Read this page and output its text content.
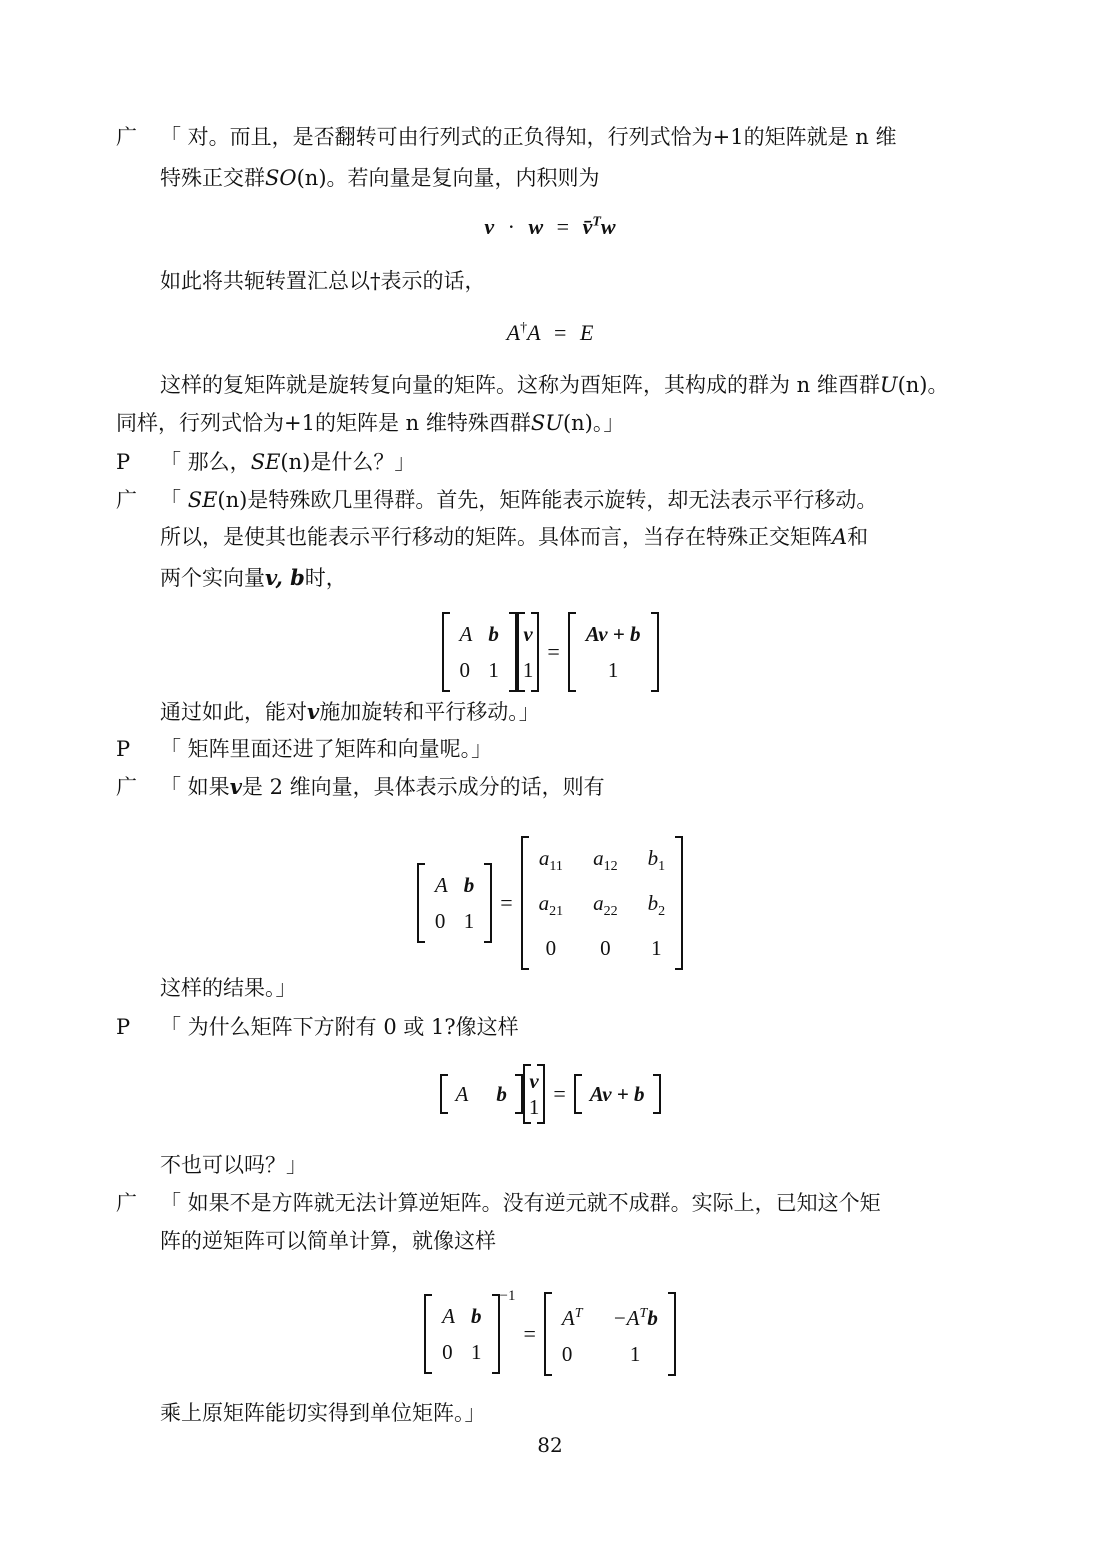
广 「 对。而且，是否翻转可由行列式的正负得知，行列式恰为+1的矩阵就是 n 维
特殊正交群SO(n)。若向量是复向量，内积则为
v · w = v̄$^T$w
如此将共轭转置汇总以†表示的话，
A†A = E
这样的复矩阵就是旋转复向量的矩阵。这称为酉矩阵，其构成的群为 n 维酉群U(n)。
同样，行列式恰为+1的矩阵是 n 维特殊酉群SU(n)。」
P 「 那么，SE(n)是什么？」
广 「 SE(n)是特殊欧几里得群。首先，矩阵能表示旋转，却无法表示平行移动。
所以，是使其也能表示平行移动的矩阵。具体而言，当存在特殊正交矩阵A和
两个实向量v, b时，
A	b
0	1
v
1
=
Av + b
1
通过如此，能对v施加旋转和平行移动。」
P 「 矩阵里面还进了矩阵和向量呢。」
广 「 如果v是 2 维向量，具体表示成分的话，则有
A	b
0	1
=
$a_{11}$	$a_{12}$	$b_1$
$a_{21}$	$a_{22}$	$b_2$
0	0	1
这样的结果。」
P 「 为什么矩阵下方附有 0 或 1?像这样
A	b
v
1
= Av + b
不也可以吗？」
广 「 如果不是方阵就无法计算逆矩阵。没有逆元就不成群。实际上，已知这个矩
阵的逆矩阵可以简单计算，就像这样
A	b
0	1
−1
=
$A^T$	$-A^Tb$
0	1
乘上原矩阵能切实得到单位矩阵。」
82
